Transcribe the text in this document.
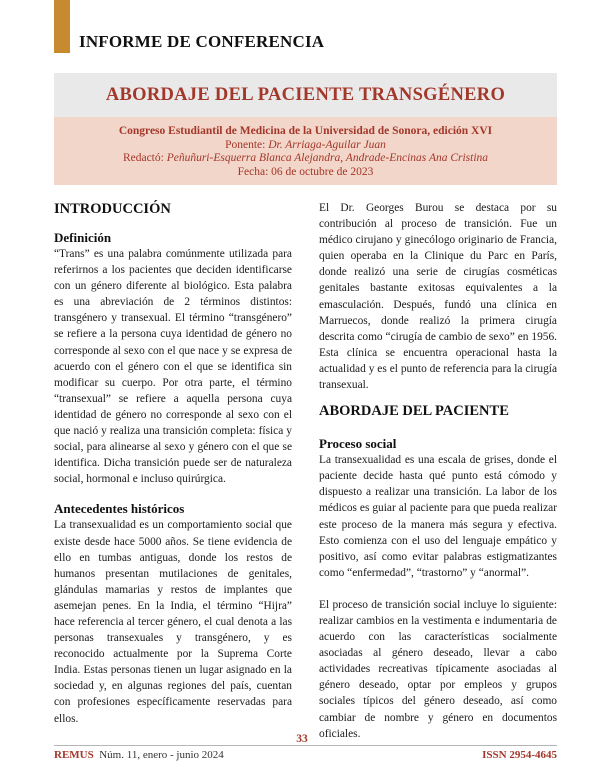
INFORME DE CONFERENCIA
ABORDAJE DEL PACIENTE TRANSGÉNERO
Congreso Estudiantil de Medicina de la Universidad de Sonora, edición XVI
Ponente: Dr. Arriaga-Aguilar Juan
Redactó: Peñuñuri-Esquerra Blanca Alejandra, Andrade-Encinas Ana Cristina
Fecha: 06 de octubre de 2023
INTRODUCCIÓN
Definición

“Trans” es una palabra comúnmente utilizada para referirnos a los pacientes que deciden identificarse con un género diferente al biológico. Esta palabra es una abreviación de 2 términos distintos: transgénero y transexual. El término “transgénero” se refiere a la persona cuya identidad de género no corresponde al sexo con el que nace y se expresa de acuerdo con el género con el que se identifica sin modificar su cuerpo. Por otra parte, el término “transexual” se refiere a aquella persona cuya identidad de género no corresponde al sexo con el que nació y realiza una transición completa: física y social, para alinearse al sexo y género con el que se identifica. Dicha transición puede ser de naturaleza social, hormonal e incluso quirúrgica.

Antecedentes históricos

La transexualidad es un comportamiento social que existe desde hace 5000 años. Se tiene evidencia de ello en tumbas antiguas, donde los restos de humanos presentan mutilaciones de genitales, glándulas mamarias y restos de implantes que asemejan penes. En la India, el término “Hijra” hace referencia al tercer género, el cual denota a las personas transexuales y transgénero, y es reconocido actualmente por la Suprema Corte India. Estas personas tienen un lugar asignado en la sociedad y, en algunas regiones del país, cuentan con profesiones específicamente reservadas para ellos.

El Dr. Georges Burou se destaca por su contribución al proceso de transición. Fue un médico cirujano y ginecólogo originario de Francia, quien operaba en la Clinique du Parc en París, donde realizó una serie de cirugías cosméticas genitales bastante exitosas equivalentes a la emasculación. Después, fundó una clínica en Marruecos, donde realizó la primera cirugía descrita como “cirugía de cambio de sexo” en 1956. Esta clínica se encuentra operacional hasta la actualidad y es el punto de referencia para la cirugía transexual.

ABORDAJE DEL PACIENTE
Proceso social

La transexualidad es una escala de grises, donde el paciente decide hasta qué punto está cómodo y dispuesto a realizar una transición. La labor de los médicos es guiar al paciente para que pueda realizar este proceso de la manera más segura y efectiva. Esto comienza con el uso del lenguaje empático y positivo, así como evitar palabras estigmatizantes como “enfermedad”, “trastorno” y “anormal”.

El proceso de transición social incluye lo siguiente: realizar cambios en la vestimenta e indumentaria de acuerdo con las características socialmente asociadas al género deseado, llevar a cabo actividades recreativas típicamente asociadas al género deseado, optar por empleos y grupos sociales típicos del género deseado, así como cambiar de nombre y género en documentos oficiales.

33
REMUS Núm. 11, enero - junio 2024	ISSN 2954-4645
